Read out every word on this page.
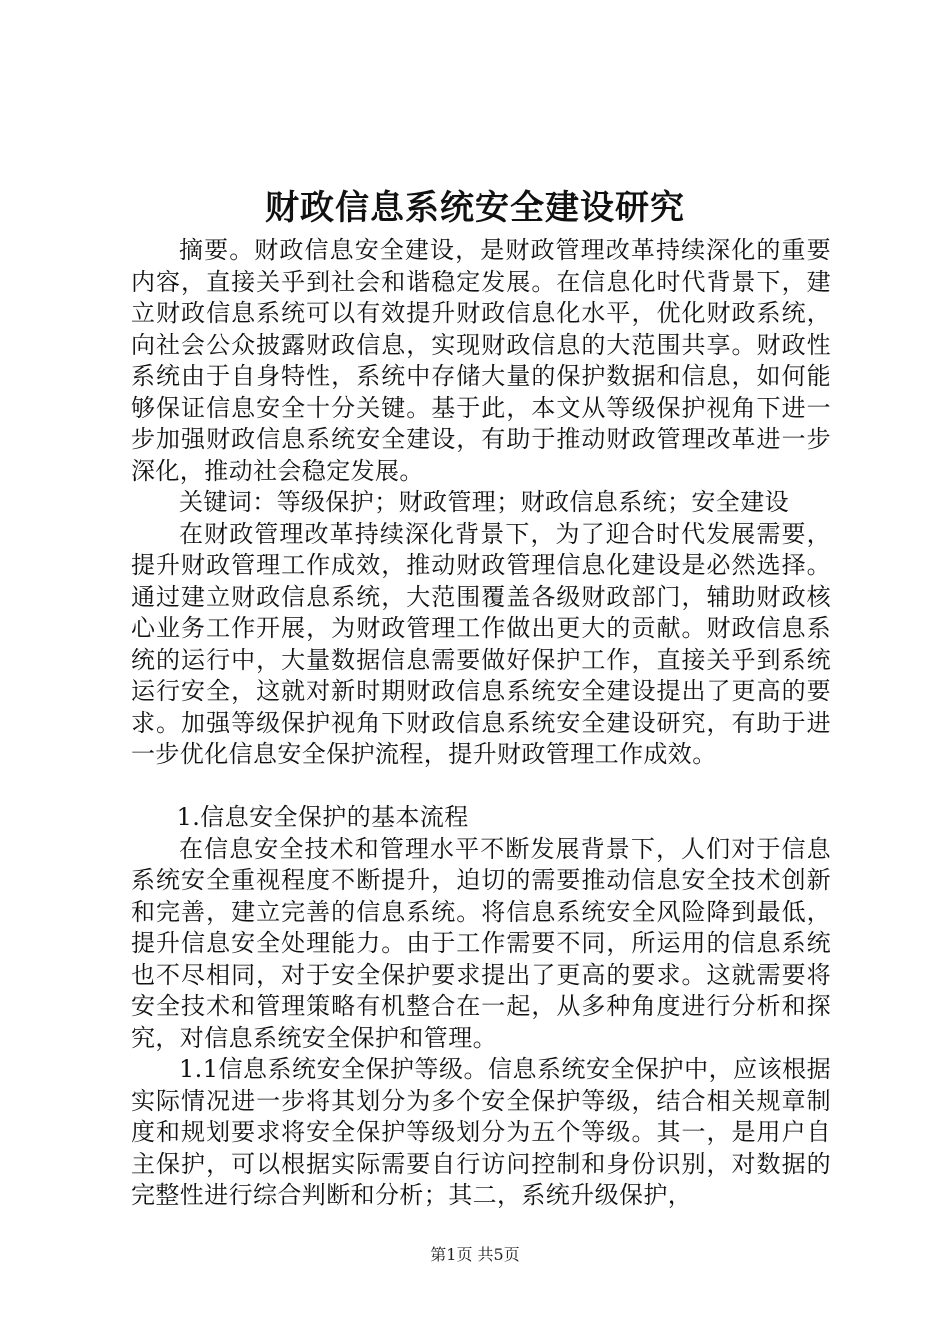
财政信息系统安全建设研究

摘要。财政信息安全建设，是财政管理改革持续深化的重要内容，直接关乎到社会和谐稳定发展。在信息化时代背景下，建立财政信息系统可以有效提升财政信息化水平，优化财政系统，向社会公众披露财政信息，实现财政信息的大范围共享。财政性系统由于自身特性，系统中存储大量的保护数据和信息，如何能够保证信息安全十分关键。基于此，本文从等级保护视角下进一步加强财政信息系统安全建设，有助于推动财政管理改革进一步深化，推动社会稳定发展。

关键词：等级保护；财政管理；财政信息系统；安全建设

在财政管理改革持续深化背景下，为了迎合时代发展需要，提升财政管理工作成效，推动财政管理信息化建设是必然选择。通过建立财政信息系统，大范围覆盖各级财政部门，辅助财政核心业务工作开展，为财政管理工作做出更大的贡献。财政信息系统的运行中，大量数据信息需要做好保护工作，直接关乎到系统运行安全，这就对新时期财政信息系统安全建设提出了更高的要求。加强等级保护视角下财政信息系统安全建设研究，有助于进一步优化信息安全保护流程，提升财政管理工作成效。

1.信息安全保护的基本流程

在信息安全技术和管理水平不断发展背景下，人们对于信息系统安全重视程度不断提升，迫切的需要推动信息安全技术创新和完善，建立完善的信息系统。将信息系统安全风险降到最低，提升信息安全处理能力。由于工作需要不同，所运用的信息系统也不尽相同，对于安全保护要求提出了更高的要求。这就需要将安全技术和管理策略有机整合在一起，从多种角度进行分析和探究，对信息系统安全保护和管理。

1.1信息系统安全保护等级。信息系统安全保护中，应该根据实际情况进一步将其划分为多个安全保护等级，结合相关规章制度和规划要求将安全保护等级划分为五个等级。其一，是用户自主保护，可以根据实际需要自行访问控制和身份识别，对数据的完整性进行综合判断和分析；其二，系统升级保护，

第1页 共5页
